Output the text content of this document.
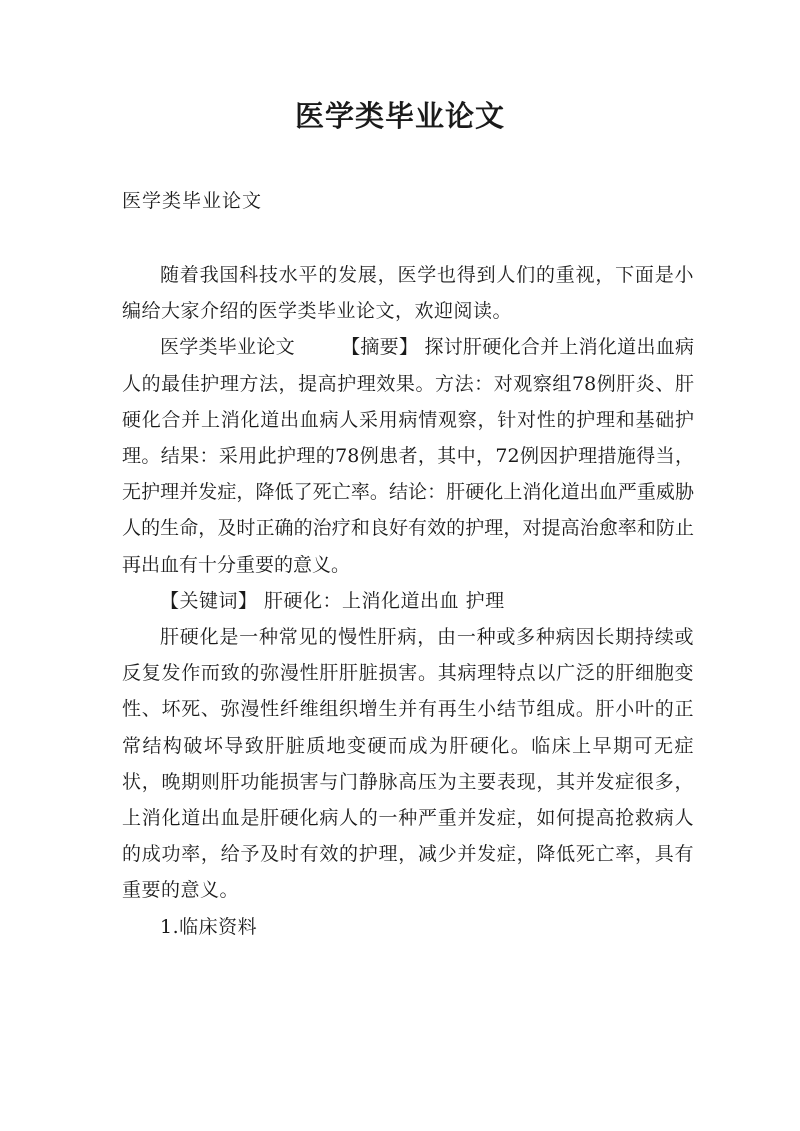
医学类毕业论文
医学类毕业论文

随着我国科技水平的发展，医学也得到人们的重视，下面是小编给大家介绍的医学类毕业论文，欢迎阅读。

医学类毕业论文 【摘要】 探讨肝硬化合并上消化道出血病人的最佳护理方法，提高护理效果。方法：对观察组78例肝炎、肝硬化合并上消化道出血病人采用病情观察，针对性的护理和基础护理。结果：采用此护理的78例患者，其中，72例因护理措施得当，无护理并发症，降低了死亡率。结论：肝硬化上消化道出血严重威胁人的生命，及时正确的治疗和良好有效的护理，对提高治愈率和防止再出血有十分重要的意义。

【关键词】 肝硬化：上消化道出血 护理

肝硬化是一种常见的慢性肝病，由一种或多种病因长期持续或反复发作而致的弥漫性肝肝脏损害。其病理特点以广泛的肝细胞变性、坏死、弥漫性纤维组织增生并有再生小结节组成。肝小叶的正常结构破坏导致肝脏质地变硬而成为肝硬化。临床上早期可无症状，晚期则肝功能损害与门静脉高压为主要表现，其并发症很多，上消化道出血是肝硬化病人的一种严重并发症，如何提高抢救病人的成功率，给予及时有效的护理，减少并发症，降低死亡率，具有重要的意义。

1.临床资料
